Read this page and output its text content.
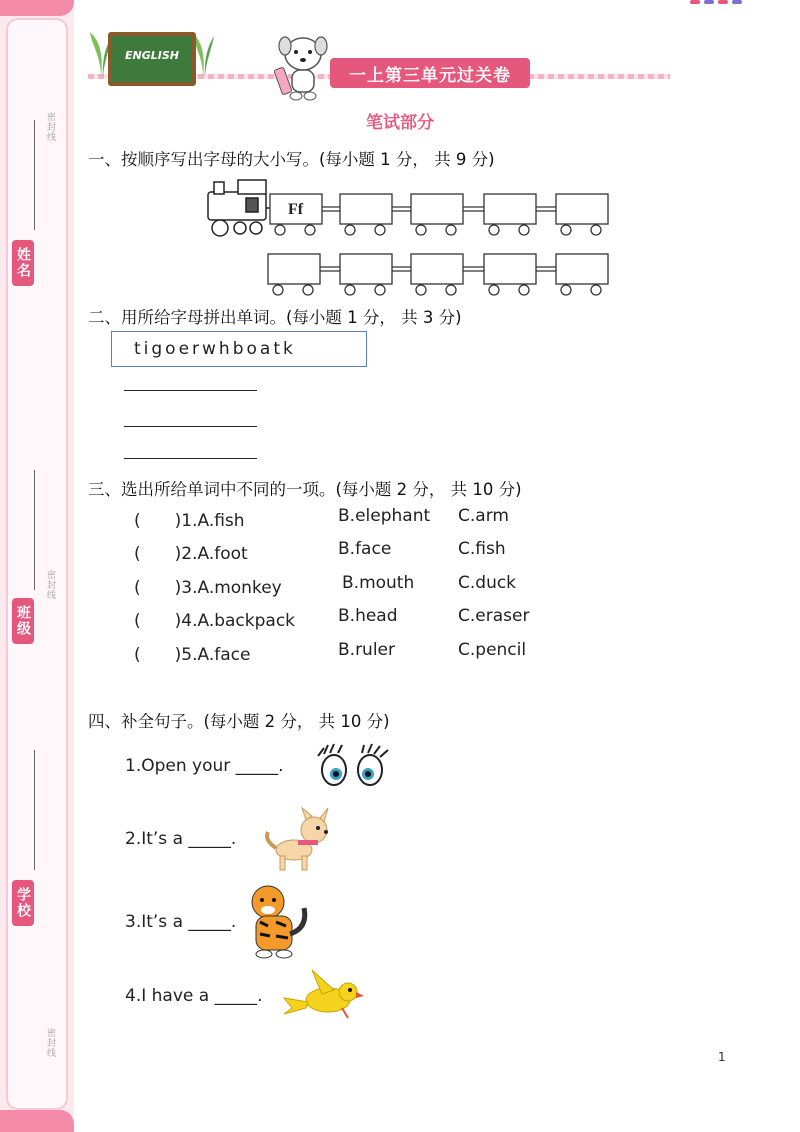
密封线
姓名
密封线
班级
学校
密封线
ENGLISH
一上第三单元过关卷
笔试部分
一、按顺序写出字母的大小写。(每小题 1 分， 共 9 分)
Ff
二、用所给字母拼出单词。(每小题 1 分， 共 3 分)
tigoerwhboatk
三、选出所给单词中不同的一项。(每小题 2 分， 共 10 分)
(　　)1.A.fish	B.elephant C.arm
(　　)2.A.foot	B.face	C.fish
(　　)3.A.monkey	B.mouth	C.duck
(　　)4.A.backpack	B.head	C.eraser
(　　)5.A.face	B.ruler	C.pencil
四、补全句子。(每小题 2 分， 共 10 分)
1.Open your _____.
2.It’s a _____.
3.It’s a _____.
4.I have a _____.
1
